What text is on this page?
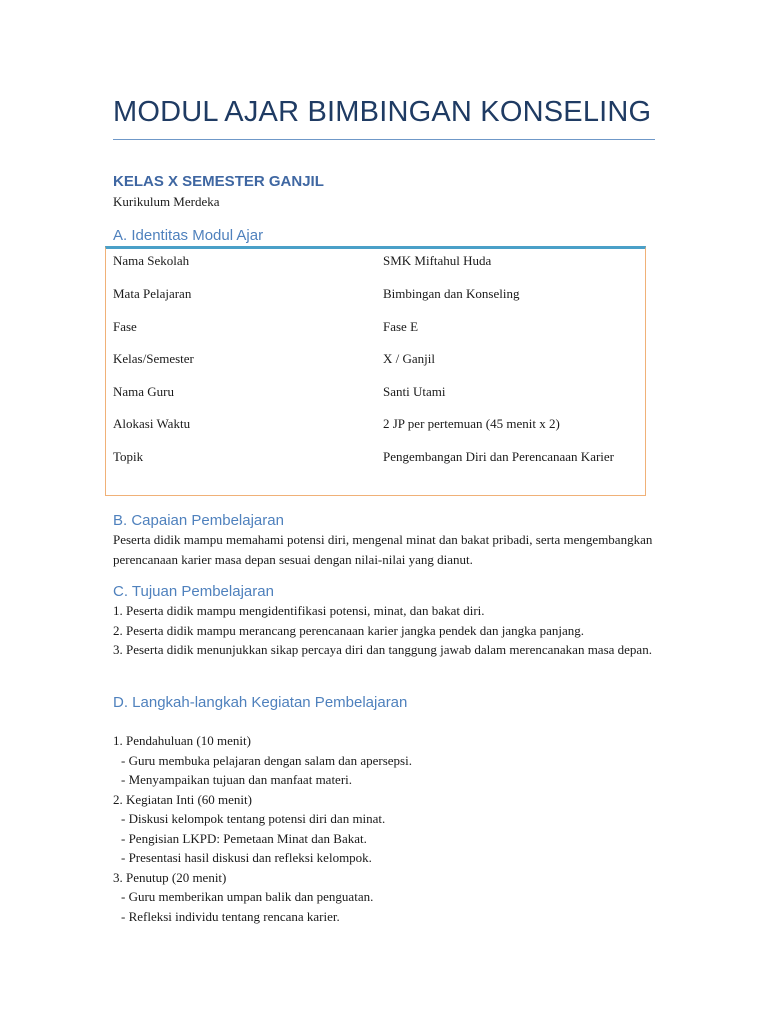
MODUL AJAR BIMBINGAN KONSELING
KELAS X SEMESTER GANJIL
Kurikulum Merdeka
A. Identitas Modul Ajar
Nama Sekolah	SMK Miftahul Huda
Mata Pelajaran	Bimbingan dan Konseling
Fase	Fase E
Kelas/Semester	X / Ganjil
Nama Guru	Santi Utami
Alokasi Waktu	2 JP per pertemuan (45 menit x 2)
Topik	Pengembangan Diri dan Perencanaan Karier
B. Capaian Pembelajaran
Peserta didik mampu memahami potensi diri, mengenal minat dan bakat pribadi, serta mengembangkan perencanaan karier masa depan sesuai dengan nilai-nilai yang dianut.
C. Tujuan Pembelajaran
1. Peserta didik mampu mengidentifikasi potensi, minat, dan bakat diri.
2. Peserta didik mampu merancang perencanaan karier jangka pendek dan jangka panjang.
3. Peserta didik menunjukkan sikap percaya diri dan tanggung jawab dalam merencanakan masa depan.
D. Langkah-langkah Kegiatan Pembelajaran
1. Pendahuluan (10 menit)
- Guru membuka pelajaran dengan salam dan apersepsi.
- Menyampaikan tujuan dan manfaat materi.
2. Kegiatan Inti (60 menit)
- Diskusi kelompok tentang potensi diri dan minat.
- Pengisian LKPD: Pemetaan Minat dan Bakat.
- Presentasi hasil diskusi dan refleksi kelompok.
3. Penutup (20 menit)
- Guru memberikan umpan balik dan penguatan.
- Refleksi individu tentang rencana karier.
